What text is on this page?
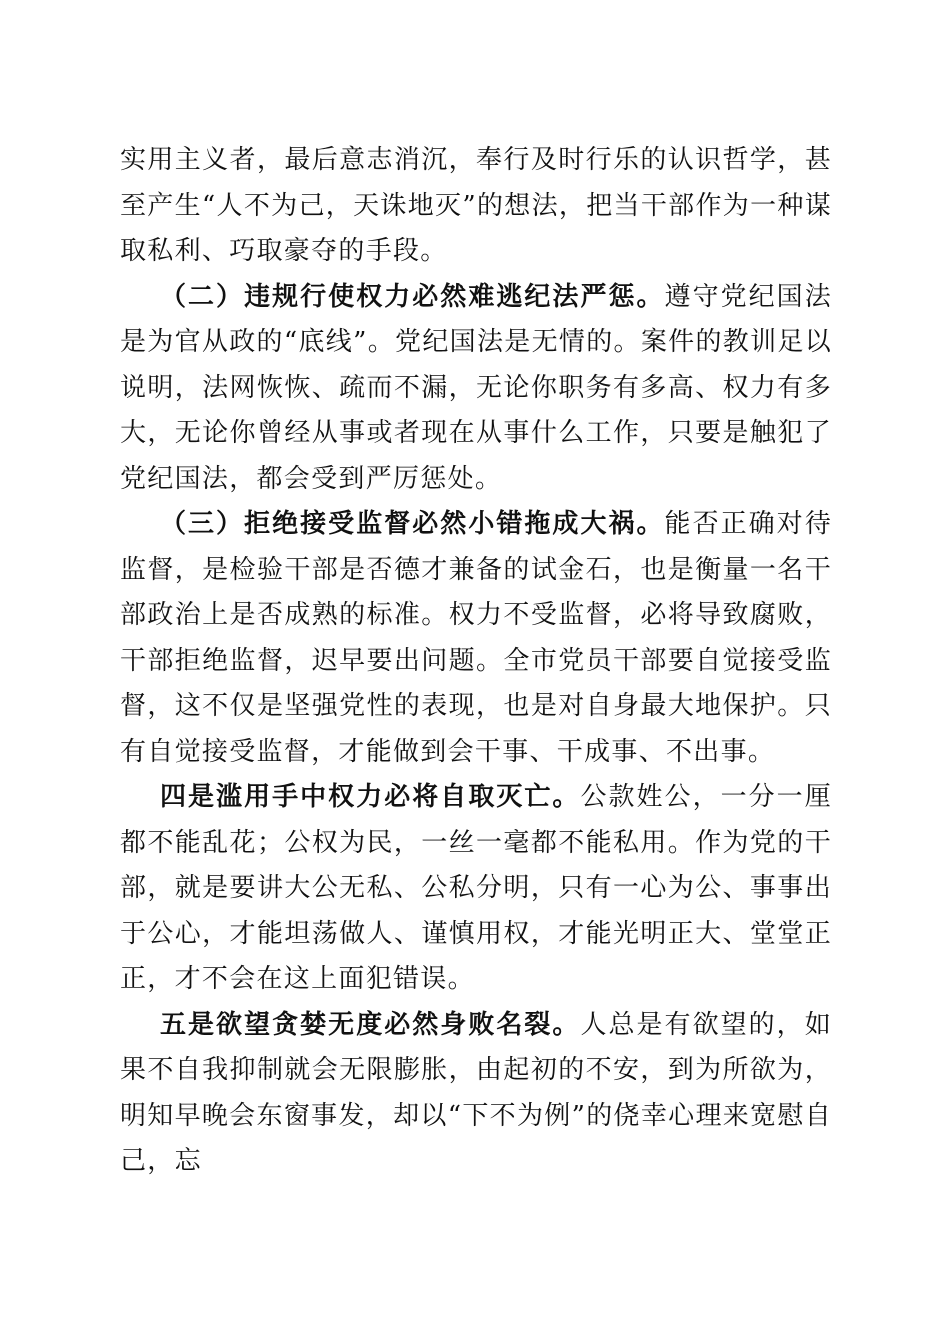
实用主义者，最后意志消沉，奉行及时行乐的认识哲学，甚至产生“人不为己，天诛地灭”的想法，把当干部作为一种谋取私利、巧取豪夺的手段。

（二）违规行使权力必然难逃纪法严惩。遵守党纪国法是为官从政的“底线”。党纪国法是无情的。案件的教训足以说明，法网恢恢、疏而不漏，无论你职务有多高、权力有多大，无论你曾经从事或者现在从事什么工作，只要是触犯了党纪国法，都会受到严厉惩处。

（三）拒绝接受监督必然小错拖成大祸。能否正确对待监督，是检验干部是否德才兼备的试金石，也是衡量一名干部政治上是否成熟的标准。权力不受监督，必将导致腐败，干部拒绝监督，迟早要出问题。全市党员干部要自觉接受监督，这不仅是坚强党性的表现，也是对自身最大地保护。只有自觉接受监督，才能做到会干事、干成事、不出事。

四是滥用手中权力必将自取灭亡。公款姓公，一分一厘都不能乱花；公权为民，一丝一毫都不能私用。作为党的干部，就是要讲大公无私、公私分明，只有一心为公、事事出于公心，才能坦荡做人、谨慎用权，才能光明正大、堂堂正正，才不会在这上面犯错误。

五是欲望贪婪无度必然身败名裂。人总是有欲望的，如果不自我抑制就会无限膨胀，由起初的不安，到为所欲为，明知早晚会东窗事发，却以“下不为例”的侥幸心理来宽慰自己，忘
